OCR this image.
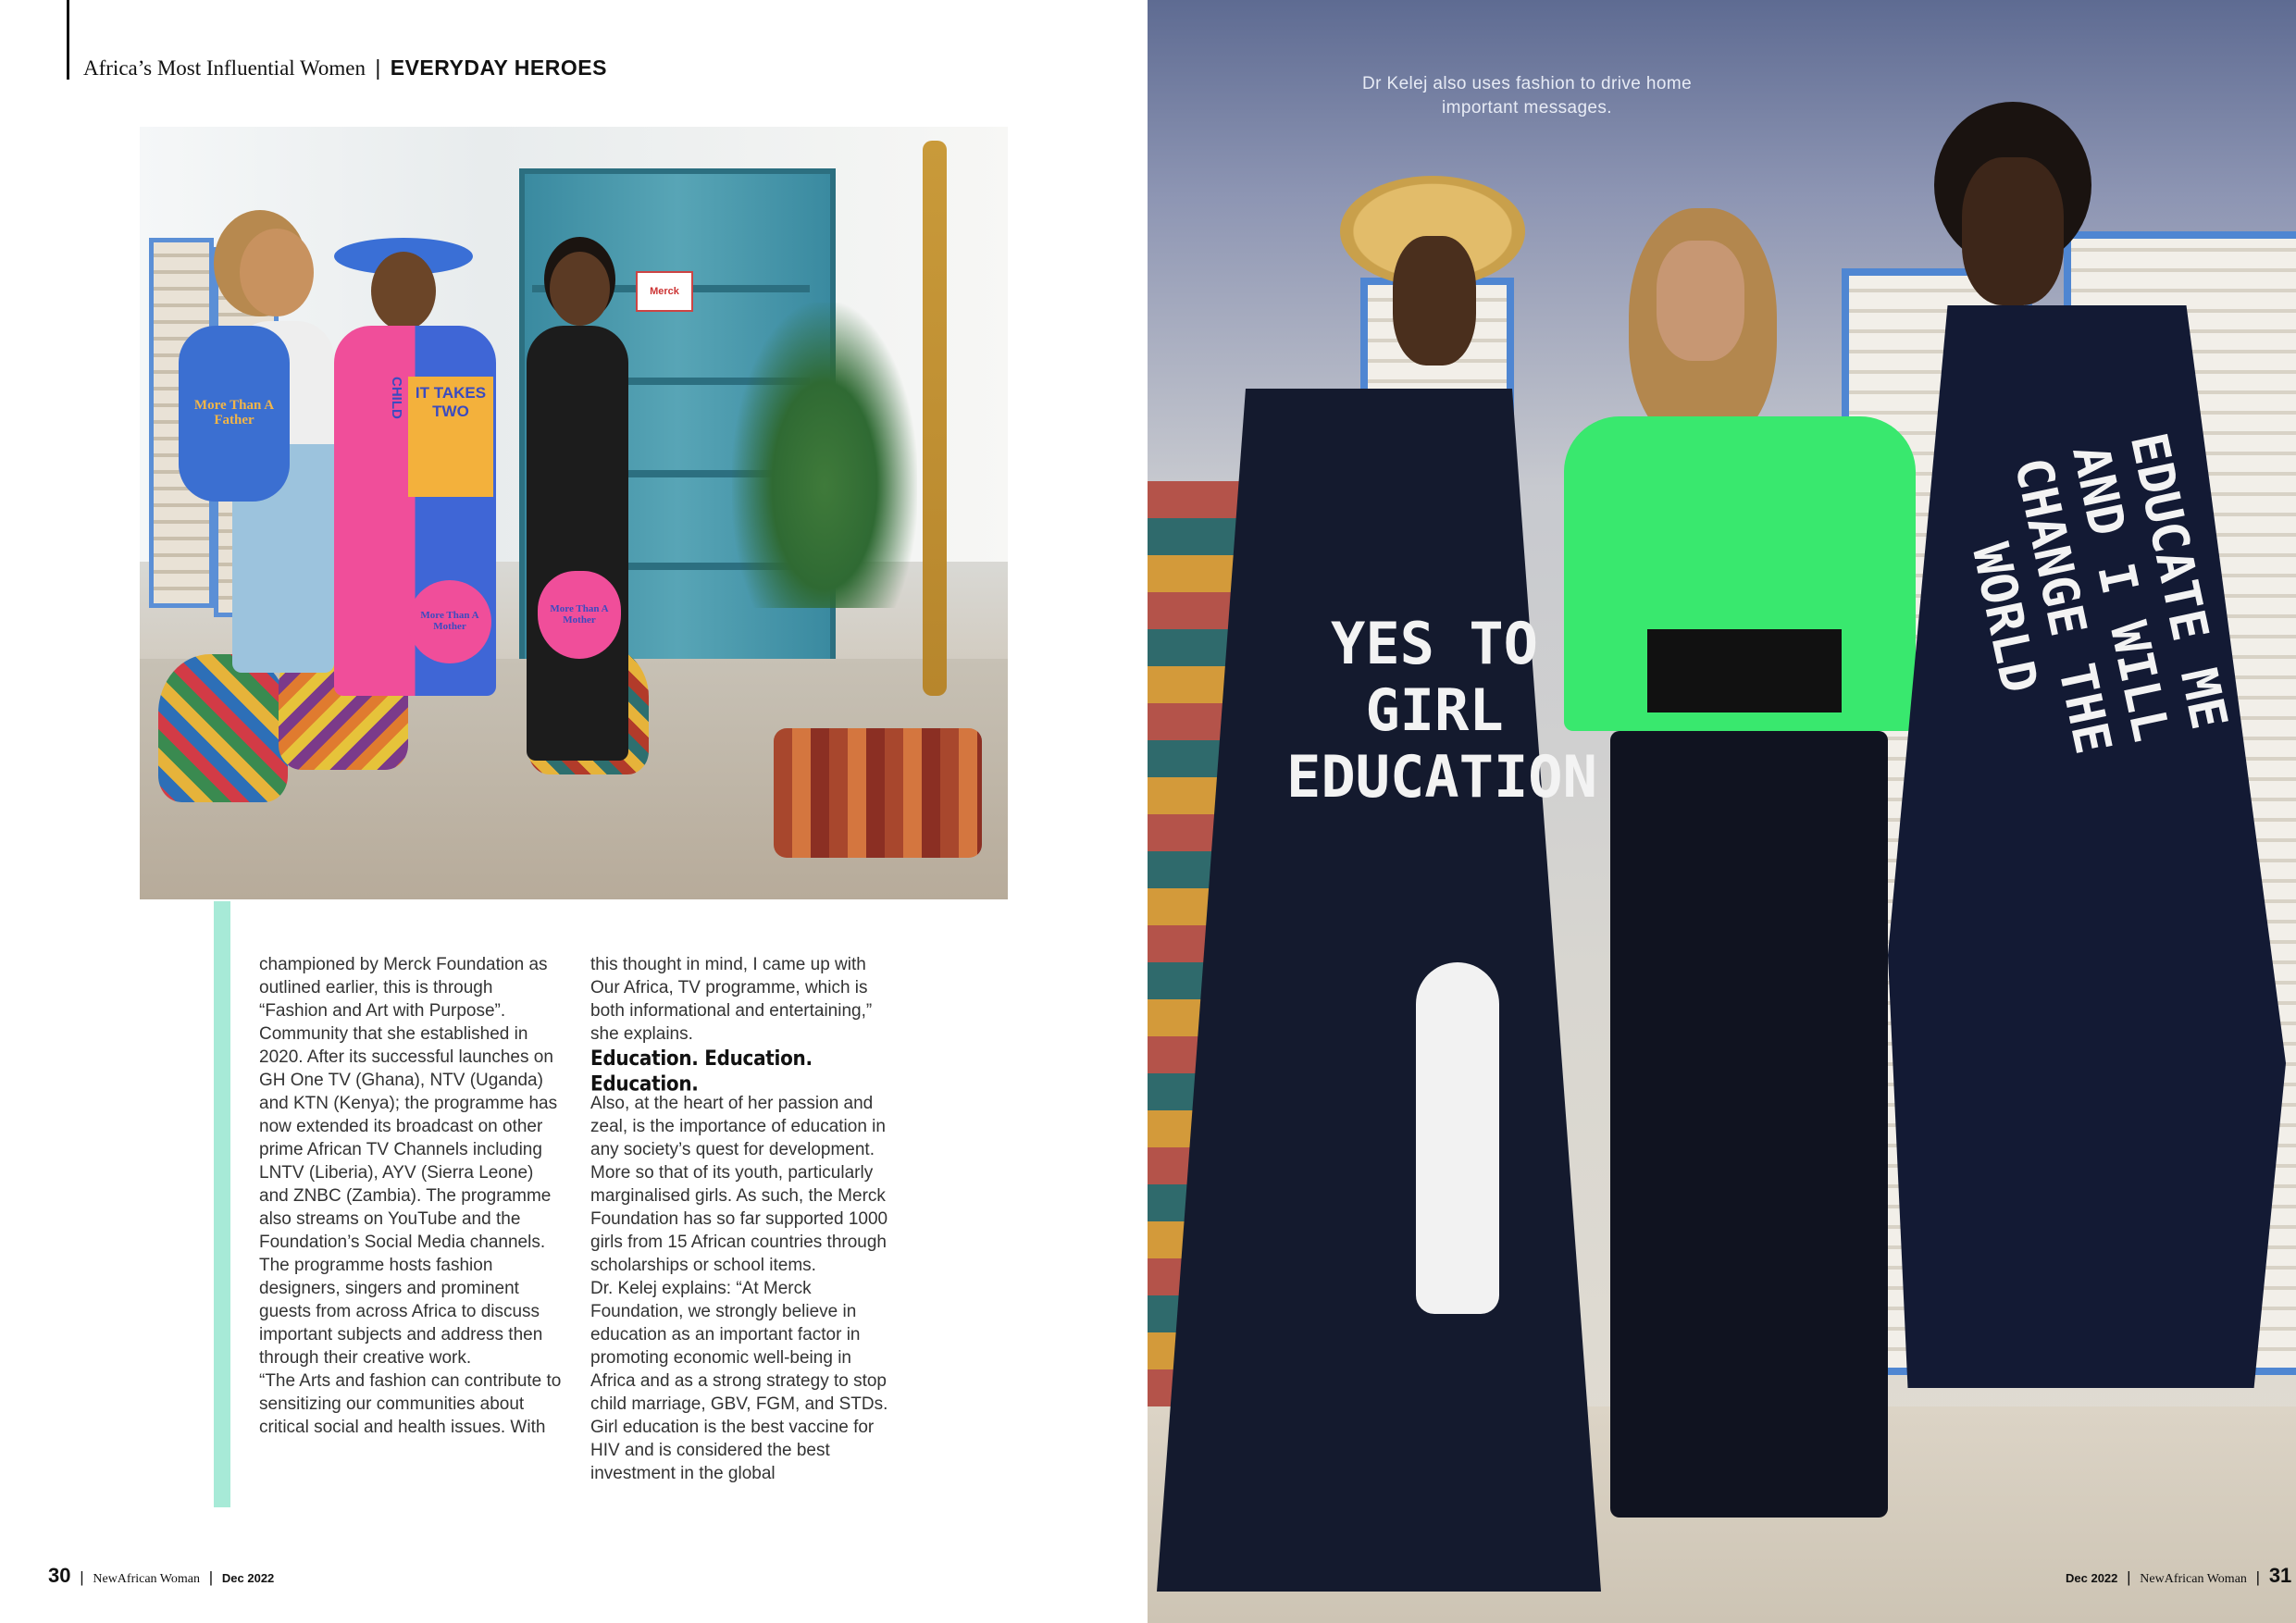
Africa’s Most Influential Women | EVERYDAY HEROES
Merck
More Than A Father
IT TAKES TWO
CHILD
More Than A Mother
More Than A Mother

championed by Merck Foundation as outlined earlier, this is through “Fashion and Art with Purpose”. Community that she established in 2020. After its successful launches on GH One TV (Ghana), NTV (Uganda) and KTN (Kenya); the programme has now extended its broadcast on other prime African TV Channels including LNTV (Liberia), AYV (Sierra Leone) and ZNBC (Zambia). The programme also streams on YouTube and the Foundation’s Social Media channels. The programme hosts fashion designers, singers and prominent guests from across Africa to discuss important subjects and address then through their creative work.

“The Arts and fashion can contribute to sensitizing our communities about critical social and health issues. With

this thought in mind, I came up with Our Africa, TV programme, which is both informational and entertaining,” she explains.

Education. Education. Education.

Also, at the heart of her passion and zeal, is the importance of education in any society’s quest for development. More so that of its youth, particularly marginalised girls. As such, the Merck Foundation has so far supported 1000 girls from 15 African countries through scholarships or school items.

Dr. Kelej explains: “At Merck Foundation, we strongly believe in education as an important factor in promoting economic well-being in Africa and as a strong strategy to stop child marriage, GBV, FGM, and STDs. Girl education is the best vaccine for HIV and is considered the best investment in the global

30 | NewAfrican Woman | Dec 2022
Dr Kelej also uses fashion to drive home important messages.
YES TO GIRL EDUCATION
EDUCATE ME AND I WILL CHANGE THE WORLD
Dec 2022 | NewAfrican Woman | 31
